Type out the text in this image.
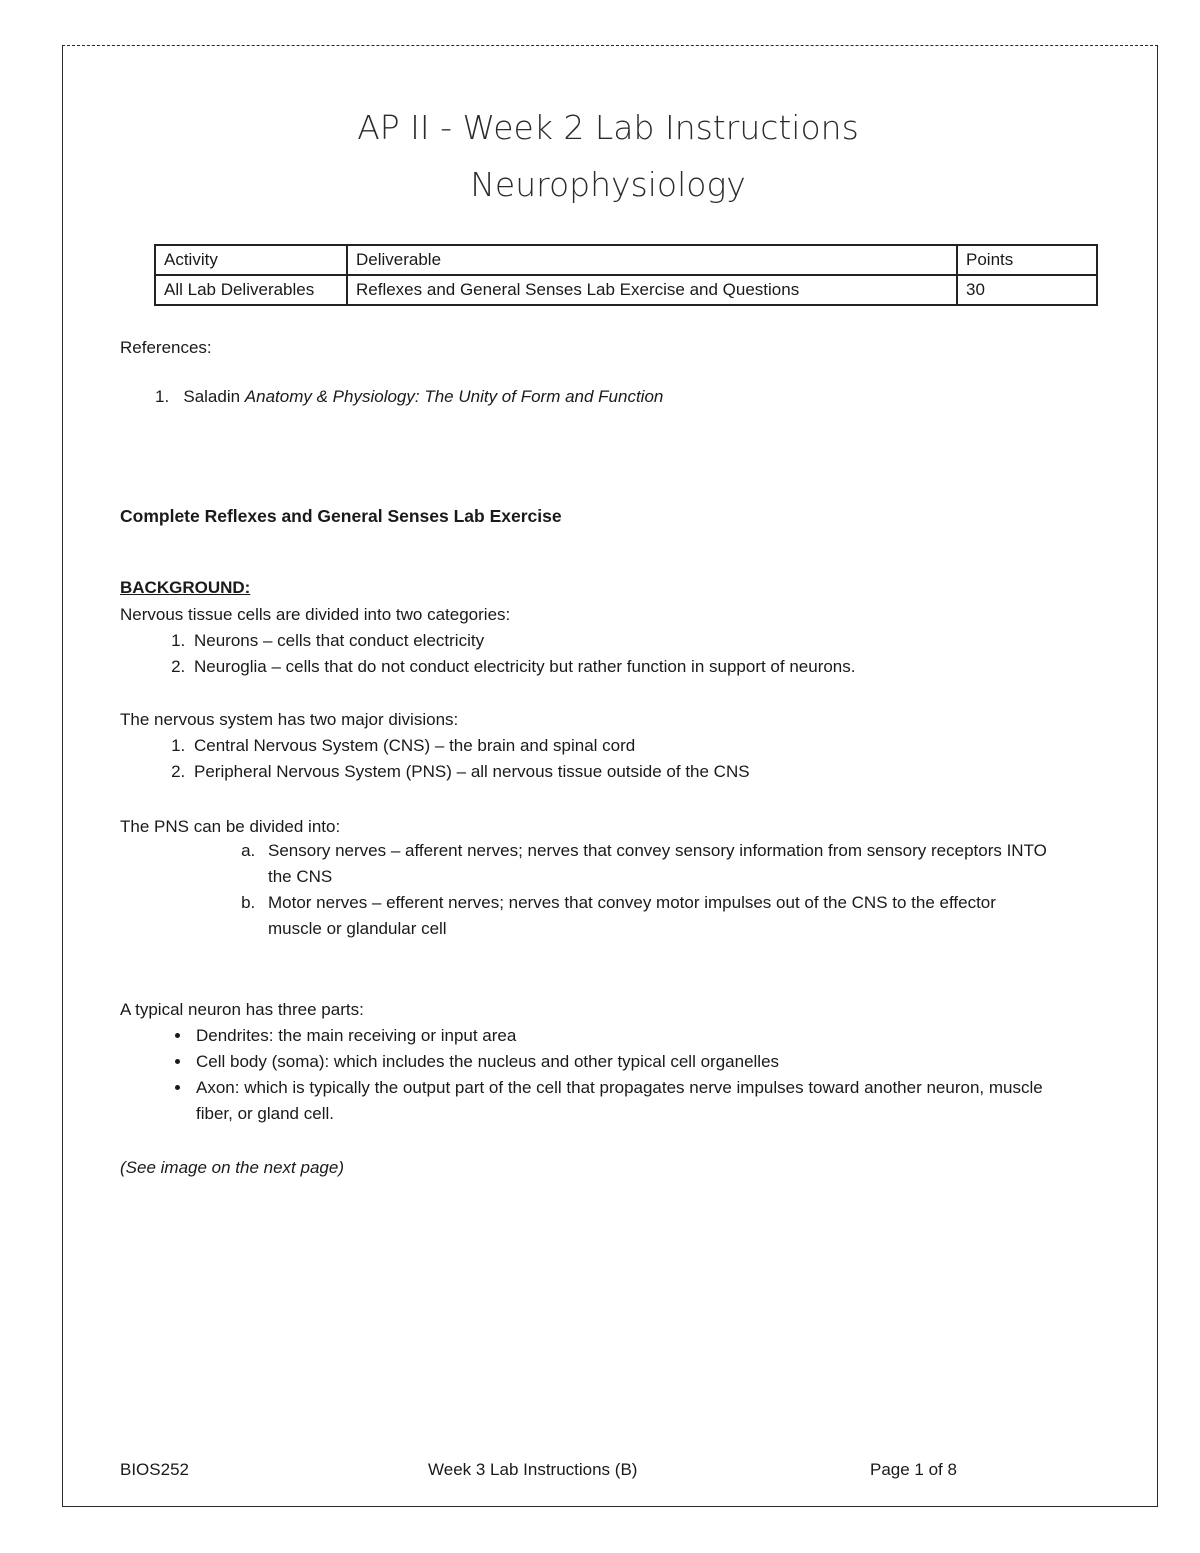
AP II - Week 2 Lab Instructions
Neurophysiology
Activity	Deliverable	Points
All Lab Deliverables	Reflexes and General Senses Lab Exercise and Questions	30
References:
1. Saladin Anatomy & Physiology: The Unity of Form and Function
Complete Reflexes and General Senses Lab Exercise
BACKGROUND:
Nervous tissue cells are divided into two categories:
1. Neurons – cells that conduct electricity
2. Neuroglia – cells that do not conduct electricity but rather function in support of neurons.
The nervous system has two major divisions:
1. Central Nervous System (CNS) – the brain and spinal cord
2. Peripheral Nervous System (PNS) – all nervous tissue outside of the CNS
The PNS can be divided into:
a. Sensory nerves – afferent nerves; nerves that convey sensory information from sensory receptors INTO the CNS
b. Motor nerves – efferent nerves; nerves that convey motor impulses out of the CNS to the effector muscle or glandular cell
A typical neuron has three parts:
• Dendrites: the main receiving or input area
• Cell body (soma): which includes the nucleus and other typical cell organelles
• Axon: which is typically the output part of the cell that propagates nerve impulses toward another neuron, muscle fiber, or gland cell.
(See image on the next page)
BIOS252	Week 3 Lab Instructions (B)	Page 1 of 8
